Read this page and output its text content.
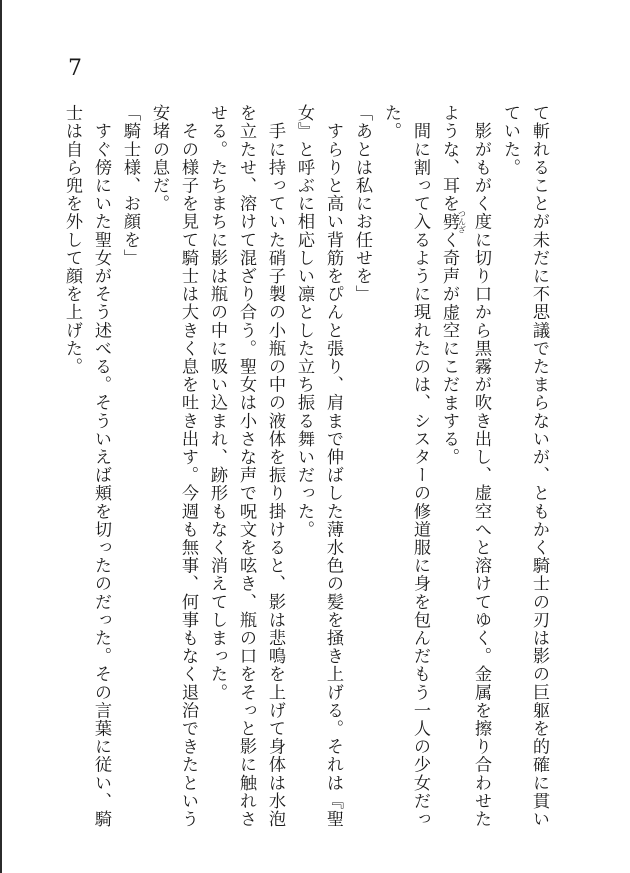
7
て斬れることが未だに不思議でたまらないが、ともかく騎士の刃は影の巨躯を的確に貫い
ていた。
　影がもがく度に切り口から黒霧が吹き出し、虚空へと溶けてゆく。金属を擦り合わせた
ような、耳を劈つんざく奇声が虚空にこだまする。
　間に割って入るように現れたのは、シスターの修道服に身を包んだもう一人の少女だっ
た。
「あとは私にお任せを」
　すらりと高い背筋をぴんと張り、肩まで伸ばした薄水色の髪を掻き上げる。それは『聖
女』と呼ぶに相応しい凛とした立ち振る舞いだった。
　手に持っていた硝子製の小瓶の中の液体を振り掛けると、影は悲鳴を上げて身体は水泡
を立たせ、溶けて混ざり合う。聖女は小さな声で呪文を呟き、瓶の口をそっと影に触れさ
せる。たちまちに影は瓶の中に吸い込まれ、跡形もなく消えてしまった。
　その様子を見て騎士は大きく息を吐き出す。今週も無事、何事もなく退治できたという
安堵の息だ。
「騎士様、お顔を」
　すぐ傍にいた聖女がそう述べる。そういえば頬を切ったのだった。その言葉に従い、騎
士は自ら兜を外して顔を上げた。
